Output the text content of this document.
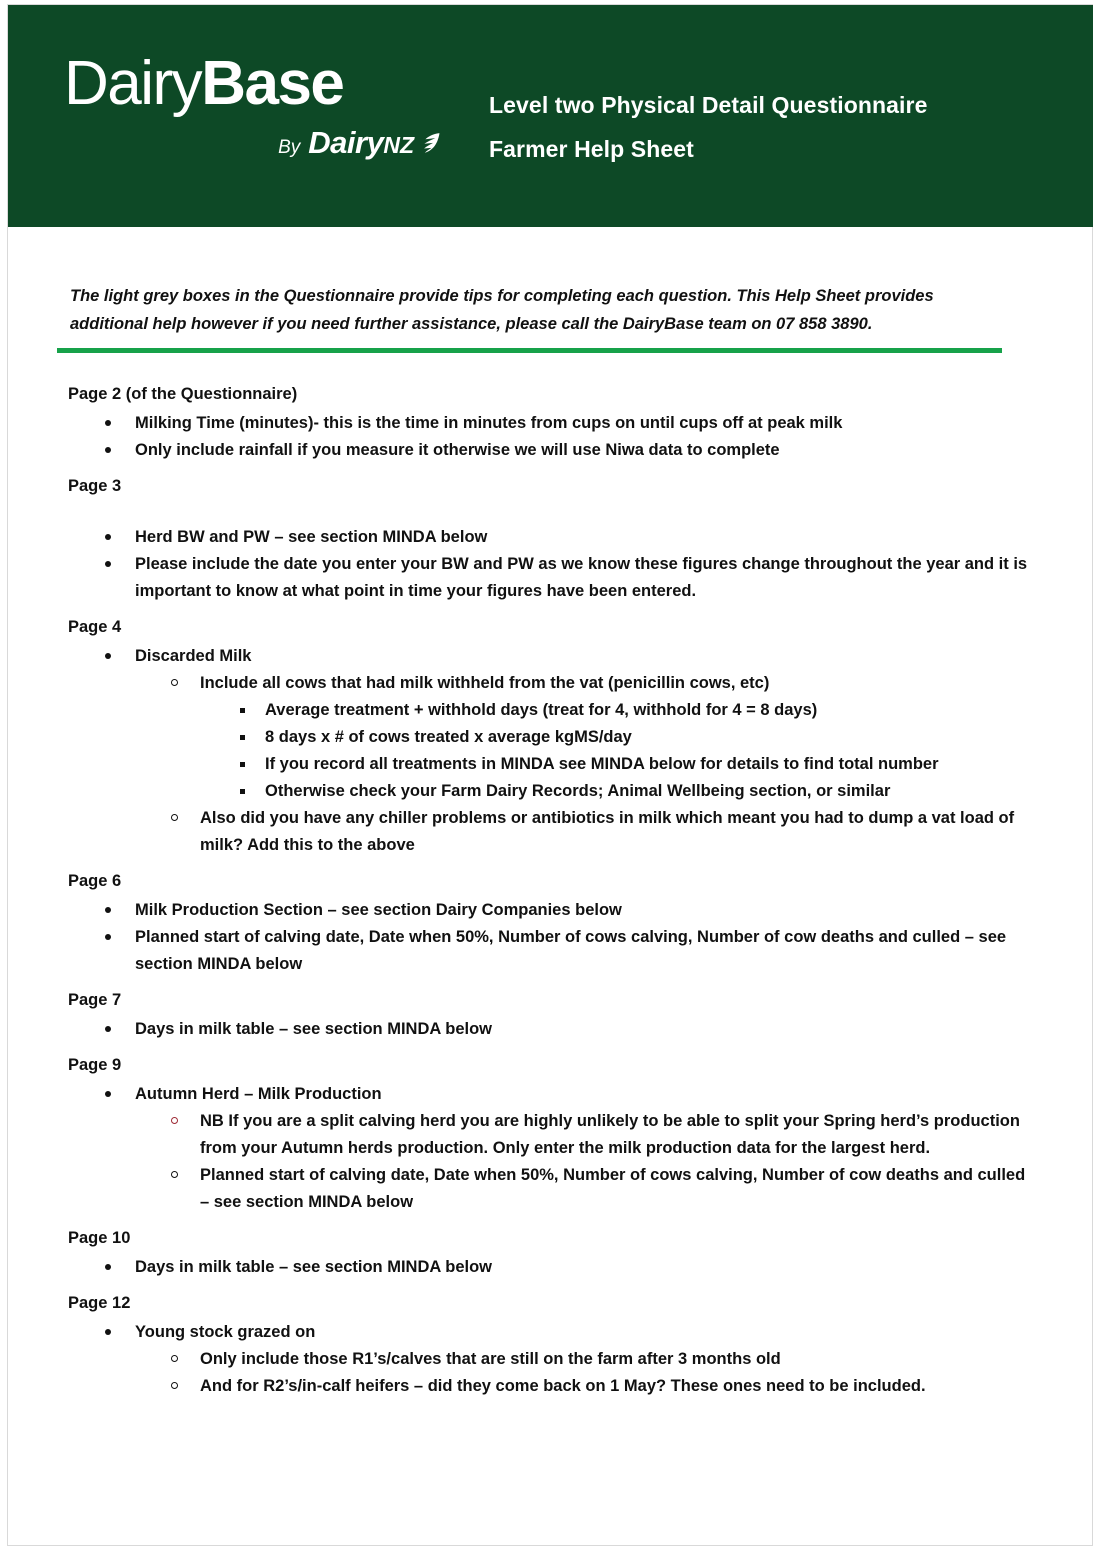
DairyBase
By DairyNZ
Level two Physical Detail Questionnaire
Farmer Help Sheet
The light grey boxes in the Questionnaire provide tips for completing each question. This Help Sheet provides additional help however if you need further assistance, please call the DairyBase team on 07 858 3890.
Page 2 (of the Questionnaire)
Milking Time (minutes)- this is the time in minutes from cups on until cups off at peak milk
Only include rainfall if you measure it otherwise we will use Niwa data to complete
Page 3
Herd BW and PW – see section MINDA below
Please include the date you enter your BW and PW as we know these figures change throughout the year and it is important to know at what point in time your figures have been entered.
Page 4
Discarded Milk
Include all cows that had milk withheld from the vat (penicillin cows, etc)
Average treatment + withhold days (treat for 4, withhold for 4 = 8 days)
8 days x # of cows treated x average kgMS/day
If you record all treatments in MINDA see MINDA below for details to find total number
Otherwise check your Farm Dairy Records; Animal Wellbeing section, or similar
Also did you have any chiller problems or antibiotics in milk which meant you had to dump a vat load of milk? Add this to the above
Page 6
Milk Production Section – see section Dairy Companies below
Planned start of calving date, Date when 50%, Number of cows calving, Number of cow deaths and culled – see section MINDA below
Page 7
Days in milk table – see section MINDA below
Page 9
Autumn Herd – Milk Production
NB If you are a split calving herd you are highly unlikely to be able to split your Spring herd’s production from your Autumn herds production. Only enter the milk production data for the largest herd.
Planned start of calving date, Date when 50%, Number of cows calving, Number of cow deaths and culled – see section MINDA below
Page 10
Days in milk table – see section MINDA below
Page 12
Young stock grazed on
Only include those R1’s/calves that are still on the farm after 3 months old
And for R2’s/in-calf heifers – did they come back on 1 May? These ones need to be included.
